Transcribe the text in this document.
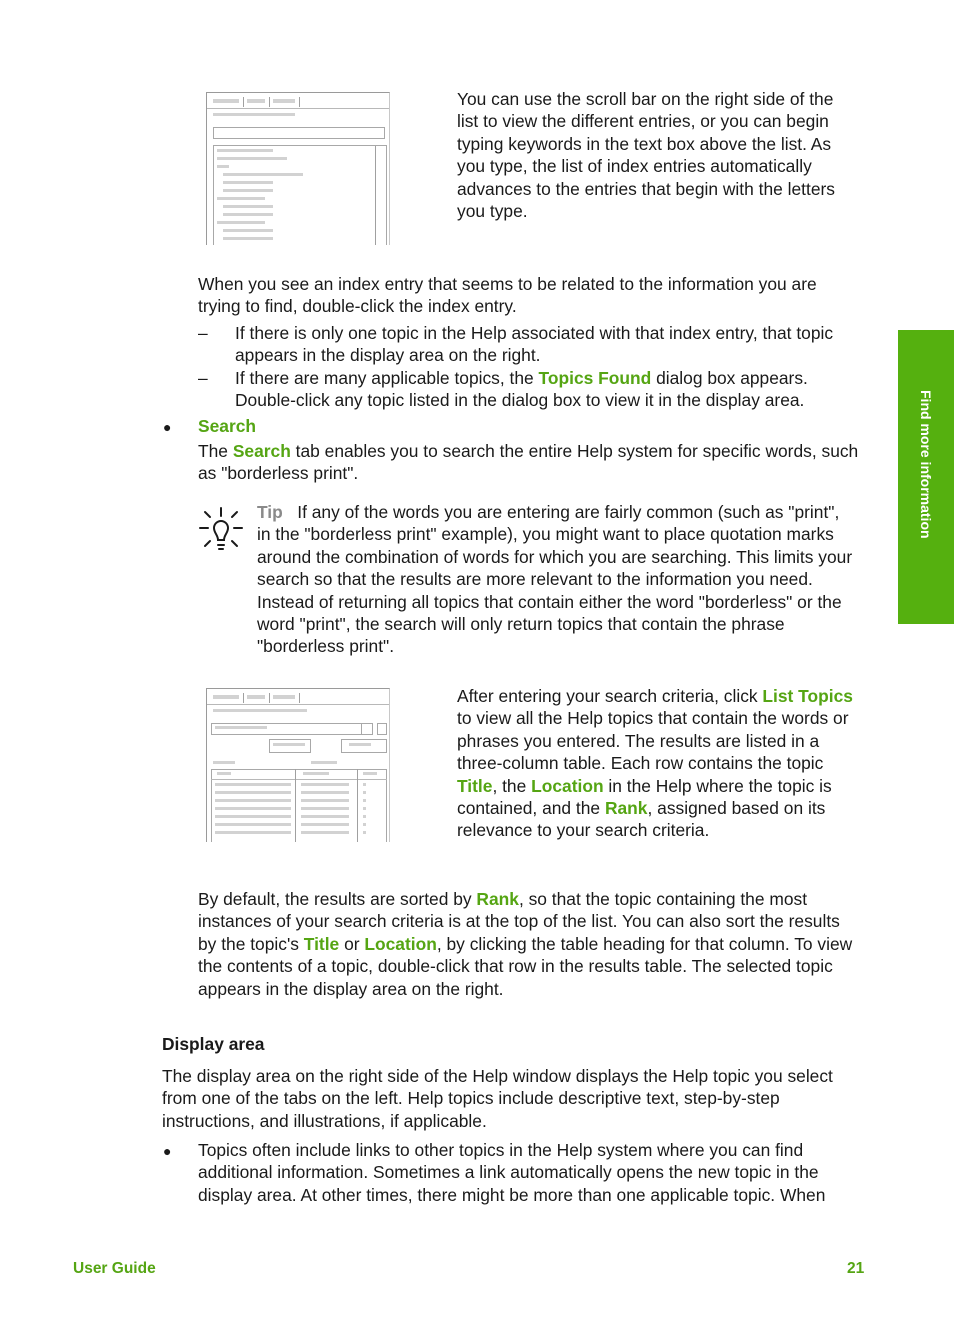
Find more information

You can use the scroll bar on the right side of the list to view the different entries, or you can begin typing keywords in the text box above the list. As you type, the list of index entries automatically advances to the entries that begin with the letters you type.

When you see an index entry that seems to be related to the information you are trying to find, double-click the index entry.

– If there is only one topic in the Help associated with that index entry, that topic appears in the display area on the right.

– If there are many applicable topics, the Topics Found dialog box appears. Double-click any topic listed in the dialog box to view it in the display area.

● Search

The Search tab enables you to search the entire Help system for specific words, such as "borderless print".

Tip If any of the words you are entering are fairly common (such as "print", in the "borderless print" example), you might want to place quotation marks around the combination of words for which you are searching. This limits your search so that the results are more relevant to the information you need. Instead of returning all topics that contain either the word "borderless" or the word "print", the search will only return topics that contain the phrase "borderless print".

After entering your search criteria, click List Topics to view all the Help topics that contain the words or phrases you entered. The results are listed in a three-column table. Each row contains the topic Title, the Location in the Help where the topic is contained, and the Rank, assigned based on its relevance to your search criteria.

By default, the results are sorted by Rank, so that the topic containing the most instances of your search criteria is at the top of the list. You can also sort the results by the topic's Title or Location, by clicking the table heading for that column. To view the contents of a topic, double-click that row in the results table. The selected topic appears in the display area on the right.

Display area

The display area on the right side of the Help window displays the Help topic you select from one of the tabs on the left. Help topics include descriptive text, step-by-step instructions, and illustrations, if applicable.

● Topics often include links to other topics in the Help system where you can find additional information. Sometimes a link automatically opens the new topic in the display area. At other times, there might be more than one applicable topic. When

User Guide	21
